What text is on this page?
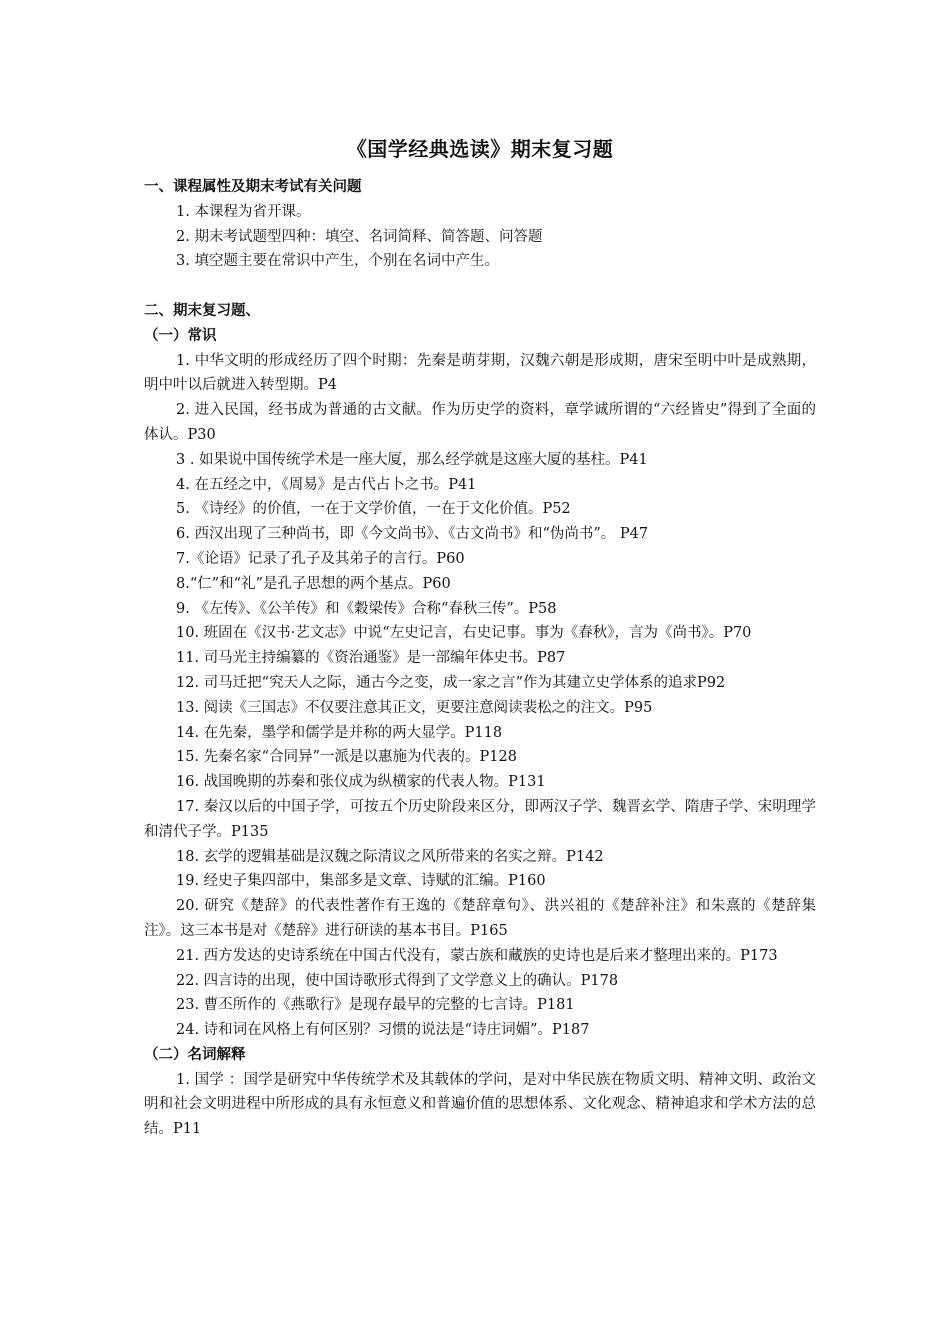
《国学经典选读》期末复习题

一、课程属性及期末考试有关问题

1. 本课程为省开课。

2. 期末考试题型四种：填空、名词简释、简答题、问答题

3. 填空题主要在常识中产生，个别在名词中产生。

二、期末复习题、

（一）常识

1. 中华文明的形成经历了四个时期：先秦是萌芽期，汉魏六朝是形成期，唐宋至明中叶是成熟期，明中叶以后就进入转型期。P4

2. 进入民国，经书成为普通的古文献。作为历史学的资料，章学诚所谓的“六经皆史”得到了全面的体认。P30

3 . 如果说中国传统学术是一座大厦，那么经学就是这座大厦的基柱。P41

4. 在五经之中，《周易》是古代占卜之书。P41

5. 《诗经》的价值，一在于文学价值，一在于文化价值。P52

6. 西汉出现了三种尚书，即《今文尚书》、《古文尚书》和“伪尚书”。 P47

7.《论语》记录了孔子及其弟子的言行。P60

8.“仁”和“礼”是孔子思想的两个基点。P60

9. 《左传》、《公羊传》和《穀梁传》合称“春秋三传”。P58

10. 班固在《汉书·艺文志》中说“左史记言，右史记事。事为《春秋》，言为《尚书》。P70

11. 司马光主持编纂的《资治通鉴》是一部编年体史书。P87

12. 司马迁把“究天人之际，通古今之变，成一家之言”作为其建立史学体系的追求P92

13. 阅读《三国志》不仅要注意其正文，更要注意阅读裴松之的注文。P95

14. 在先秦，墨学和儒学是并称的两大显学。P118

15. 先秦名家“合同异”一派是以惠施为代表的。P128

16. 战国晚期的苏秦和张仪成为纵横家的代表人物。P131

17. 秦汉以后的中国子学，可按五个历史阶段来区分，即两汉子学、魏晋玄学、隋唐子学、宋明理学和清代子学。P135

18. 玄学的逻辑基础是汉魏之际清议之风所带来的名实之辩。P142

19. 经史子集四部中，集部多是文章、诗赋的汇编。P160

20. 研究《楚辞》的代表性著作有王逸的《楚辞章句》、洪兴祖的《楚辞补注》和朱熹的《楚辞集注》。这三本书是对《楚辞》进行研读的基本书目。P165

21. 西方发达的史诗系统在中国古代没有，蒙古族和藏族的史诗也是后来才整理出来的。P173

22. 四言诗的出现，使中国诗歌形式得到了文学意义上的确认。P178

23. 曹丕所作的《燕歌行》是现存最早的完整的七言诗。P181

24. 诗和词在风格上有何区别？习惯的说法是“诗庄词媚”。P187

（二）名词解释

1. 国学 ：国学是研究中华传统学术及其载体的学问，是对中华民族在物质文明、精神文明、政治文明和社会文明进程中所形成的具有永恒意义和普遍价值的思想体系、文化观念、精神追求和学术方法的总结。P11
